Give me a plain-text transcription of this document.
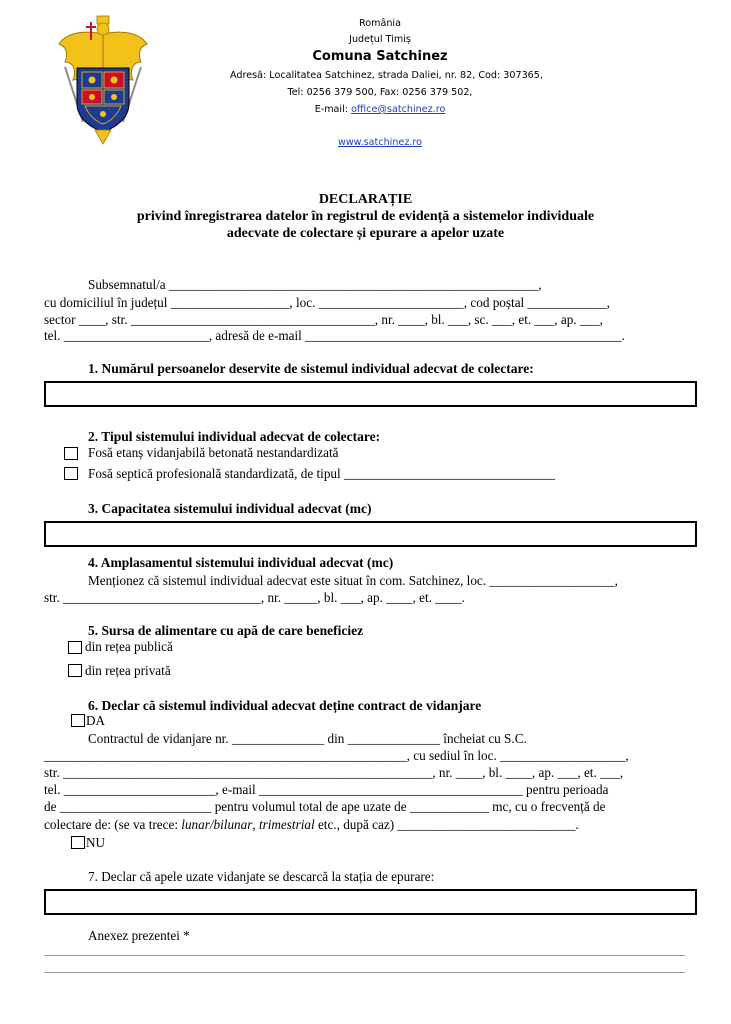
România
Județul Timiș
Comuna Satchinez
Adresă: Localitatea Satchinez, strada Daliei, nr. 82, Cod: 307365,
Tel: 0256 379 500, Fax: 0256 379 502,
E-mail: office@satchinez.ro
www.satchinez.ro
DECLARAȚIE
privind înregistrarea datelor în registrul de evidență a sistemelor individuale
adecvate de colectare și epurare a apelor uzate
Subsemnatul/a ________________________________________________________,
cu domiciliul în județul __________________, loc. ______________________, cod poștal ____________,
sector ____, str. _____________________________________, nr. ____, bl. ___, sc. ___, et. ___, ap. ___,
tel. ______________________, adresă de e-mail ________________________________________________.
1. Numărul persoanelor deservite de sistemul individual adecvat de colectare:
2. Tipul sistemului individual adecvat de colectare:
Fosă etanș vidanjabilă betonată nestandardizată
Fosă septică profesională standardizată, de tipul ________________________________
3. Capacitatea sistemului individual adecvat (mc)
4. Amplasamentul sistemului individual adecvat (mc)
Menționez că sistemul individual adecvat este situat în com. Satchinez, loc. ___________________,
str. ______________________________, nr. _____, bl. ___, ap. ____, et. ____.
5. Sursa de alimentare cu apă de care beneficiez
din rețea publică
din rețea privată
6. Declar că sistemul individual adecvat deține contract de vidanjare
DA
Contractul de vidanjare nr. ______________ din ______________ încheiat cu S.C.
_______________________________________________________, cu sediul în loc. ___________________,
str. ________________________________________________________, nr. ____, bl. ____, ap. ___, et. ___,
tel. _______________________, e-mail ________________________________________ pentru perioada
de _______________________ pentru volumul total de ape uzate de ____________ mc, cu o frecvență de
colectare de: (se va trece: lunar/bilunar, trimestrial etc., după caz) ___________________________.
NU
7. Declar că apele uzate vidanjate se descarcă la stația de epurare:
Anexez prezentei *
